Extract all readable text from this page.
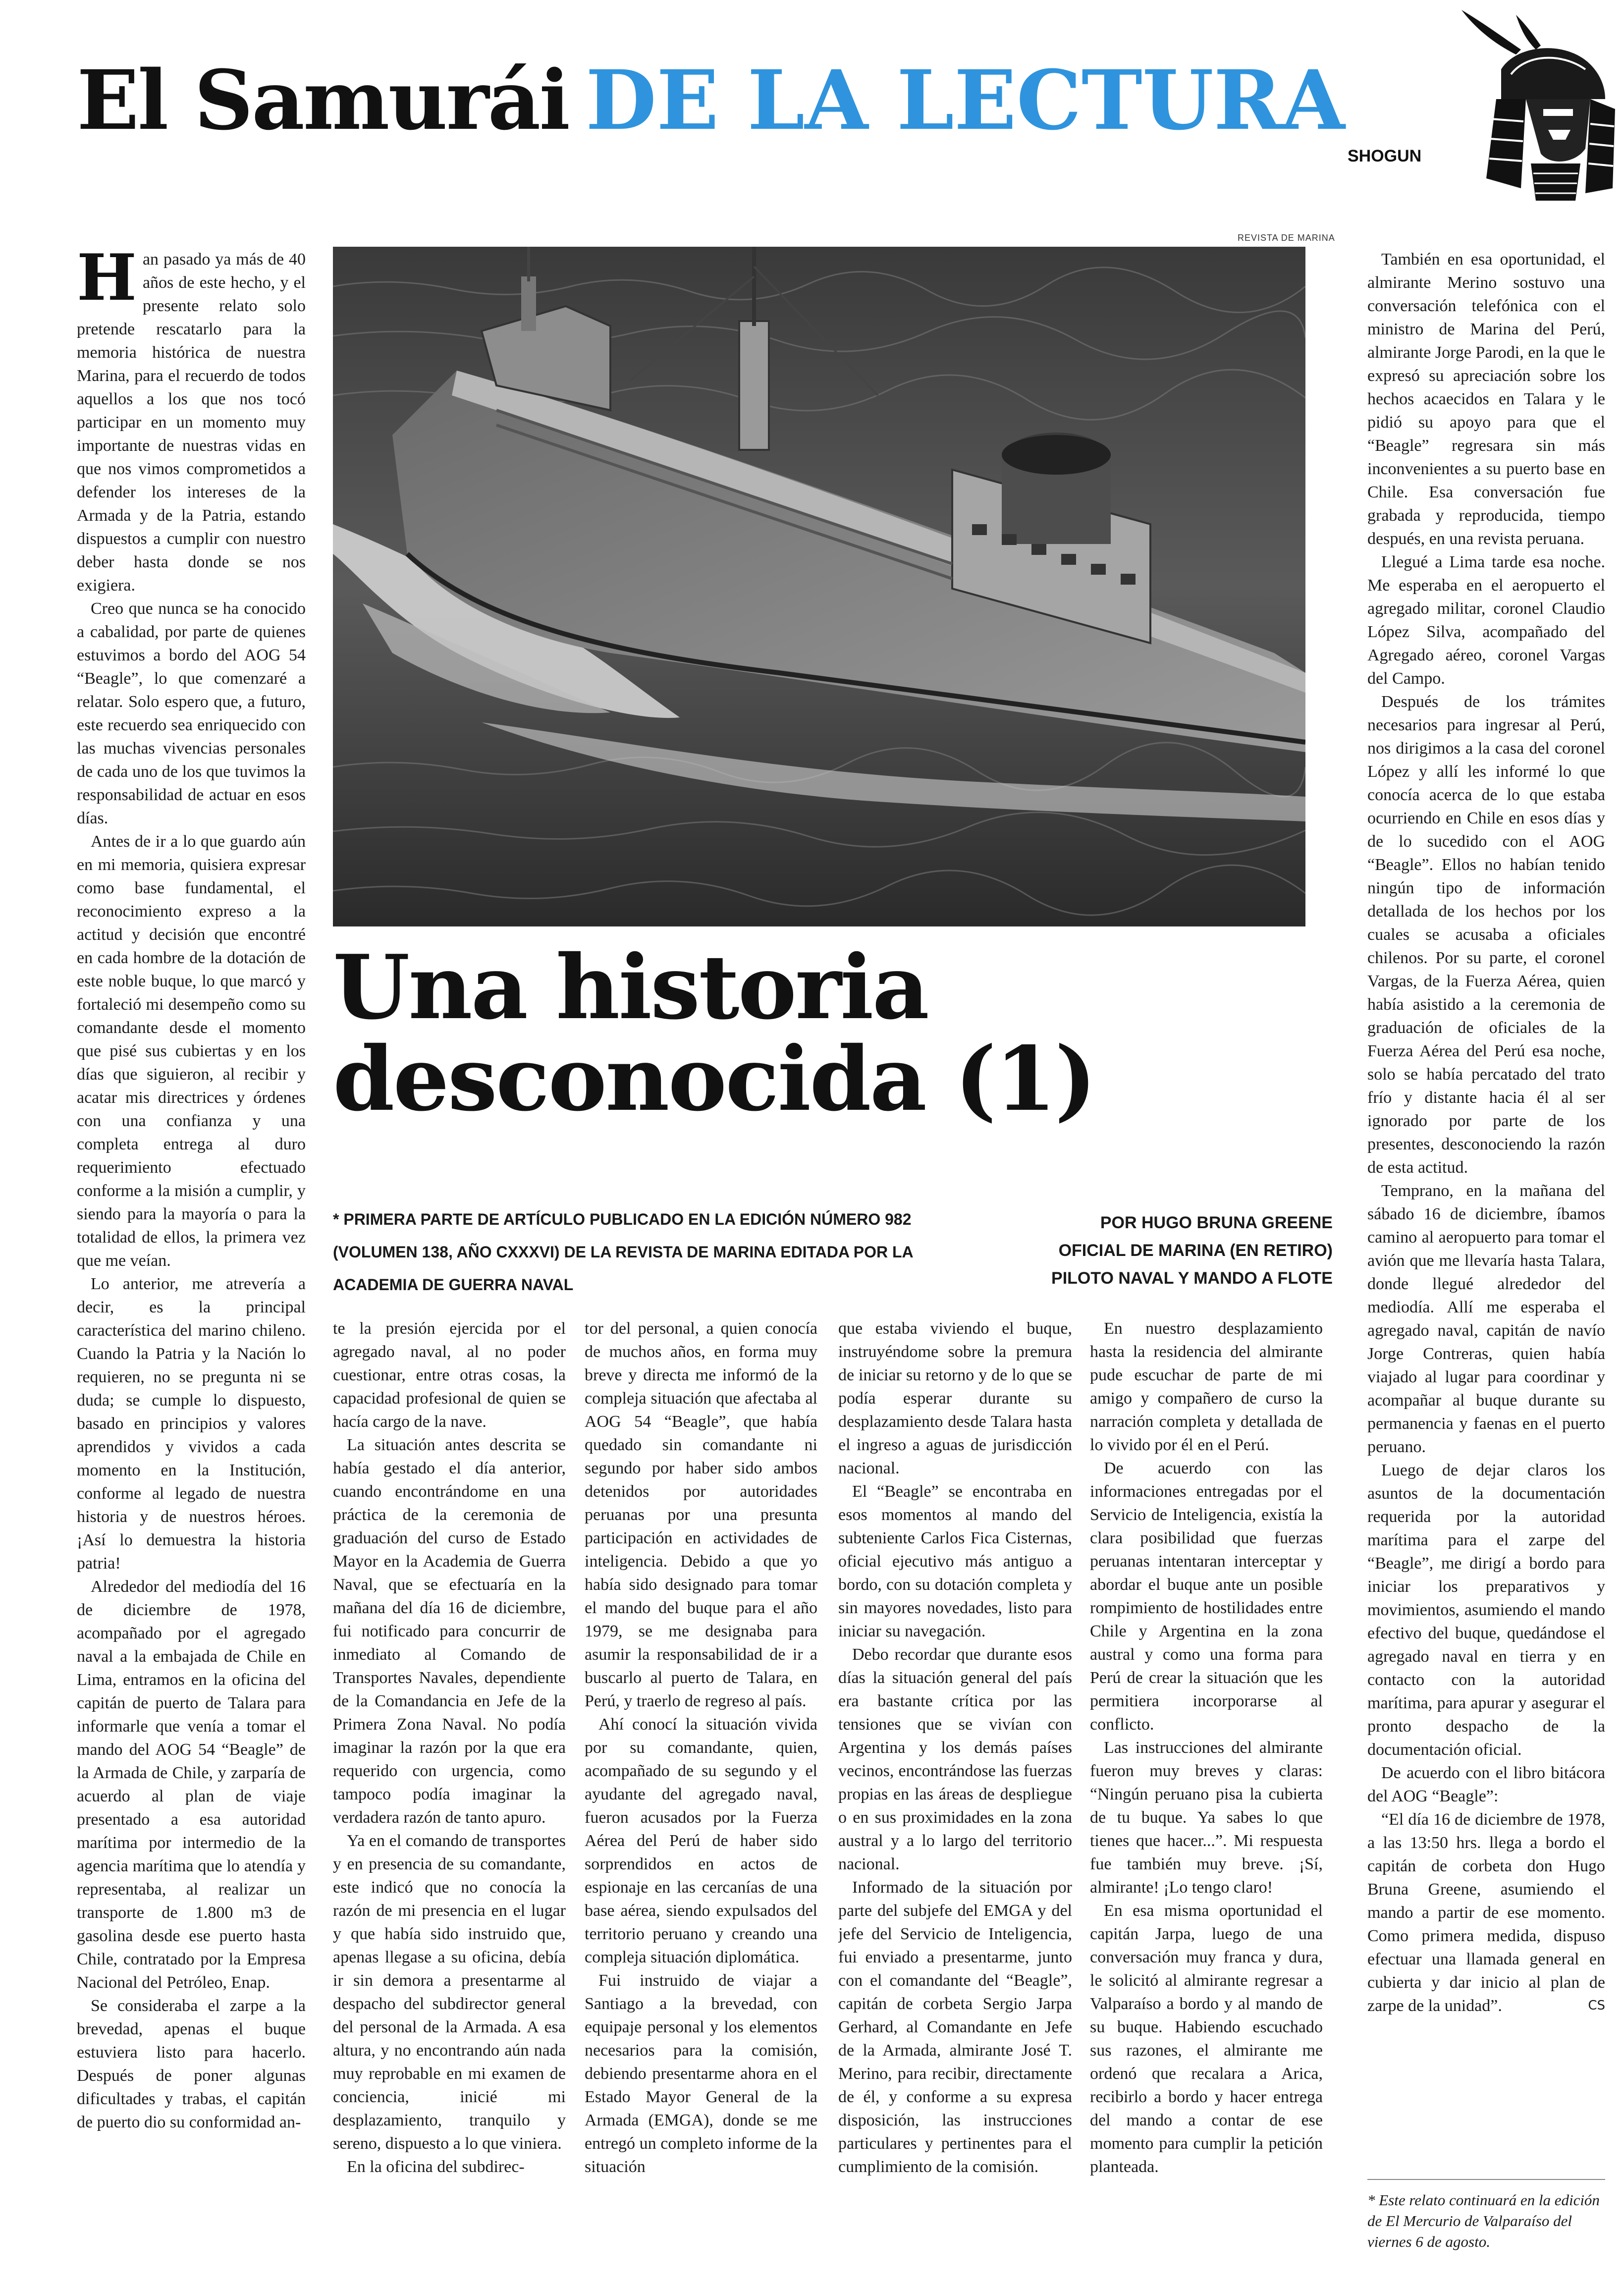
El Samurái DE LA LECTURA
SHOGUN
REVISTA DE MARINA
Una historia
desconocida (1)
* PRIMERA PARTE DE ARTÍCULO PUBLICADO EN LA EDICIÓN NÚMERO 982 (VOLUMEN 138, AÑO CXXXVI) DE LA REVISTA DE MARINA EDITADA POR LA ACADEMIA DE GUERRA NAVAL
POR HUGO BRUNA GREENE
OFICIAL DE MARINA (EN RETIRO)
PILOTO NAVAL Y MANDO A FLOTE

Han pasado ya más de 40 años de este hecho, y el presente relato solo pretende rescatarlo para la memoria histórica de nuestra Marina, para el recuerdo de todos aquellos a los que nos tocó participar en un momento muy importante de nuestras vidas en que nos vimos comprometidos a defender los intereses de la Armada y de la Patria, estando dispuestos a cumplir con nuestro deber hasta donde se nos exigiera.

Creo que nunca se ha conocido a cabalidad, por parte de quienes estuvimos a bordo del AOG 54 “Beagle”, lo que comenzaré a relatar. Solo espero que, a futuro, este recuerdo sea enriquecido con las muchas vivencias personales de cada uno de los que tuvimos la responsabilidad de actuar en esos días.

Antes de ir a lo que guardo aún en mi memoria, quisiera expresar como base fundamental, el reconocimiento expreso a la actitud y decisión que encontré en cada hombre de la dotación de este noble buque, lo que marcó y fortaleció mi desempeño como su comandante desde el momento que pisé sus cubiertas y en los días que siguieron, al recibir y acatar mis directrices y órdenes con una confianza y una completa entrega al duro requerimiento efectuado conforme a la misión a cumplir, y siendo para la mayoría o para la totalidad de ellos, la primera vez que me veían.

Lo anterior, me atrevería a decir, es la principal característica del marino chileno. Cuando la Patria y la Nación lo requieren, no se pregunta ni se duda; se cumple lo dispuesto, basado en principios y valores aprendidos y vividos a cada momento en la Institución, conforme al legado de nuestra historia y de nuestros héroes. ¡Así lo demuestra la historia patria!

Alrededor del mediodía del 16 de diciembre de 1978, acompañado por el agregado naval a la embajada de Chile en Lima, entramos en la oficina del capitán de puerto de Talara para informarle que venía a tomar el mando del AOG 54 “Beagle” de la Armada de Chile, y zarparía de acuerdo al plan de viaje presentado a esa autoridad marítima por intermedio de la agencia marítima que lo atendía y representaba, al realizar un transporte de 1.800 m3 de gasolina desde ese puerto hasta Chile, contratado por la Empresa Nacional del Petróleo, Enap.

Se consideraba el zarpe a la brevedad, apenas el buque estuviera listo para hacerlo. Después de poner algunas dificultades y trabas, el capitán de puerto dio su conformidad an-

te la presión ejercida por el agregado naval, al no poder cuestionar, entre otras cosas, la capacidad profesional de quien se hacía cargo de la nave.

La situación antes descrita se había gestado el día anterior, cuando encontrándome en una práctica de la ceremonia de graduación del curso de Estado Mayor en la Academia de Guerra Naval, que se efectuaría en la mañana del día 16 de diciembre, fui notificado para concurrir de inmediato al Comando de Transportes Navales, dependiente de la Comandancia en Jefe de la Primera Zona Naval. No podía imaginar la razón por la que era requerido con urgencia, como tampoco podía imaginar la verdadera razón de tanto apuro.

Ya en el comando de transportes y en presencia de su comandante, este indicó que no conocía la razón de mi presencia en el lugar y que había sido instruido que, apenas llegase a su oficina, debía ir sin demora a presentarme al despacho del subdirector general del personal de la Armada. A esa altura, y no encontrando aún nada muy reprobable en mi examen de conciencia, inicié mi desplazamiento, tranquilo y sereno, dispuesto a lo que viniera.

En la oficina del subdirec-

tor del personal, a quien conocía de muchos años, en forma muy breve y directa me informó de la compleja situación que afectaba al AOG 54 “Beagle”, que había quedado sin comandante ni segundo por haber sido ambos detenidos por autoridades peruanas por una presunta participación en actividades de inteligencia. Debido a que yo había sido designado para tomar el mando del buque para el año 1979, se me designaba para asumir la responsabilidad de ir a buscarlo al puerto de Talara, en Perú, y traerlo de regreso al país.

Ahí conocí la situación vivida por su comandante, quien, acompañado de su segundo y el ayudante del agregado naval, fueron acusados por la Fuerza Aérea del Perú de haber sido sorprendidos en actos de espionaje en las cercanías de una base aérea, siendo expulsados del territorio peruano y creando una compleja situación diplomática.

Fui instruido de viajar a Santiago a la brevedad, con equipaje personal y los elementos necesarios para la comisión, debiendo presentarme ahora en el Estado Mayor General de la Armada (EMGA), donde se me entregó un completo informe de la situación

que estaba viviendo el buque, instruyéndome sobre la premura de iniciar su retorno y de lo que se podía esperar durante su desplazamiento desde Talara hasta el ingreso a aguas de jurisdicción nacional.

El “Beagle” se encontraba en esos momentos al mando del subteniente Carlos Fica Cisternas, oficial ejecutivo más antiguo a bordo, con su dotación completa y sin mayores novedades, listo para iniciar su navegación.

Debo recordar que durante esos días la situación general del país era bastante crítica por las tensiones que se vivían con Argentina y los demás países vecinos, encontrándose las fuerzas propias en las áreas de despliegue o en sus proximidades en la zona austral y a lo largo del territorio nacional.

Informado de la situación por parte del subjefe del EMGA y del jefe del Servicio de Inteligencia, fui enviado a presentarme, junto con el comandante del “Beagle”, capitán de corbeta Sergio Jarpa Gerhard, al Comandante en Jefe de la Armada, almirante José T. Merino, para recibir, directamente de él, y conforme a su expresa disposición, las instrucciones particulares y pertinentes para el cumplimiento de la comisión.

En nuestro desplazamiento hasta la residencia del almirante pude escuchar de parte de mi amigo y compañero de curso la narración completa y detallada de lo vivido por él en el Perú.

De acuerdo con las informaciones entregadas por el Servicio de Inteligencia, existía la clara posibilidad que fuerzas peruanas intentaran interceptar y abordar el buque ante un posible rompimiento de hostilidades entre Chile y Argentina en la zona austral y como una forma para Perú de crear la situación que les permitiera incorporarse al conflicto.

Las instrucciones del almirante fueron muy breves y claras: “Ningún peruano pisa la cubierta de tu buque. Ya sabes lo que tienes que hacer...”. Mi respuesta fue también muy breve. ¡Sí, almirante! ¡Lo tengo claro!

En esa misma oportunidad el capitán Jarpa, luego de una conversación muy franca y dura, le solicitó al almirante regresar a Valparaíso a bordo y al mando de su buque. Habiendo escuchado sus razones, el almirante me ordenó que recalara a Arica, recibirlo a bordo y hacer entrega del mando a contar de ese momento para cumplir la petición planteada.

También en esa oportunidad, el almirante Merino sostuvo una conversación telefónica con el ministro de Marina del Perú, almirante Jorge Parodi, en la que le expresó su apreciación sobre los hechos acaecidos en Talara y le pidió su apoyo para que el “Beagle” regresara sin más inconvenientes a su puerto base en Chile. Esa conversación fue grabada y reproducida, tiempo después, en una revista peruana.

Llegué a Lima tarde esa noche. Me esperaba en el aeropuerto el agregado militar, coronel Claudio López Silva, acompañado del Agregado aéreo, coronel Vargas del Campo.

Después de los trámites necesarios para ingresar al Perú, nos dirigimos a la casa del coronel López y allí les informé lo que conocía acerca de lo que estaba ocurriendo en Chile en esos días y de lo sucedido con el AOG “Beagle”. Ellos no habían tenido ningún tipo de información detallada de los hechos por los cuales se acusaba a oficiales chilenos. Por su parte, el coronel Vargas, de la Fuerza Aérea, quien había asistido a la ceremonia de graduación de oficiales de la Fuerza Aérea del Perú esa noche, solo se había percatado del trato frío y distante hacia él al ser ignorado por parte de los presentes, desconociendo la razón de esta actitud.

Temprano, en la mañana del sábado 16 de diciembre, íbamos camino al aeropuerto para tomar el avión que me llevaría hasta Talara, donde llegué alrededor del mediodía. Allí me esperaba el agregado naval, capitán de navío Jorge Contreras, quien había viajado al lugar para coordinar y acompañar al buque durante su permanencia y faenas en el puerto peruano.

Luego de dejar claros los asuntos de la documentación requerida por la autoridad marítima para el zarpe del “Beagle”, me dirigí a bordo para iniciar los preparativos y movimientos, asumiendo el mando efectivo del buque, quedándose el agregado naval en tierra y en contacto con la autoridad marítima, para apurar y asegurar el pronto despacho de la documentación oficial.

De acuerdo con el libro bitácora del AOG “Beagle”:

“El día 16 de diciembre de 1978, a las 13:50 hrs. llega a bordo el capitán de corbeta don Hugo Bruna Greene, asumiendo el mando a partir de ese momento. Como primera medida, dispuso efectuar una llamada general en cubierta y dar inicio al plan de zarpe de la unidad”.	CS

* Este relato continuará en la edición de El Mercurio de Valparaíso del viernes 6 de agosto.
